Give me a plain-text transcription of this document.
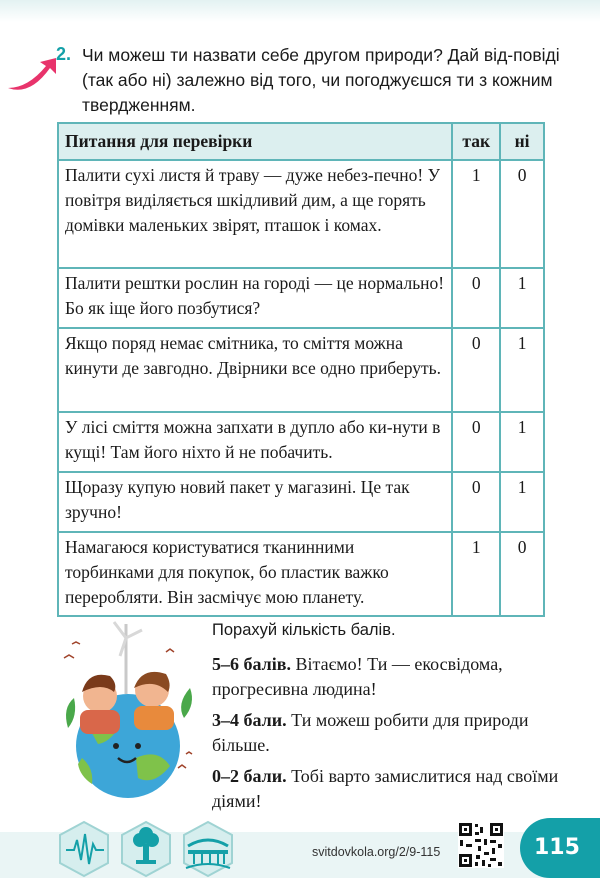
2. Чи можеш ти назвати себе другом природи? Дай від-повіді (так або ні) залежно від того, чи погоджуєшся ти з кожним твердженням.
Питання для перевірки	так	ні
Палити сухі листя й траву — дуже небез-печно! У повітря виділяється шкідливий дим, а ще горять домівки маленьких звірят, пташок і комах.	1	0
Палити рештки рослин на городі — це нормально! Бо як іще його позбутися?	0	1
Якщо поряд немає смітника, то сміття можна кинути де завгодно. Двірники все одно приберуть.	0	1
У лісі сміття можна запхати в дупло або ки-нути в кущі! Там його ніхто й не побачить.	0	1
Щоразу купую новий пакет у магазині. Це так зручно!	0	1
Намагаюся користуватися тканинними торбинками для покупок, бо пластик важко переробляти. Він засмічує мою планету.	1	0

Порахуй кількість балів.

5–6 балів. Вітаємо! Ти — екосвідома, прогресивна людина!

3–4 бали. Ти можеш робити для природи більше.

0–2 бали. Тобі варто замислитися над своїми діями!

svitdovkola.org/2/9-115	115
